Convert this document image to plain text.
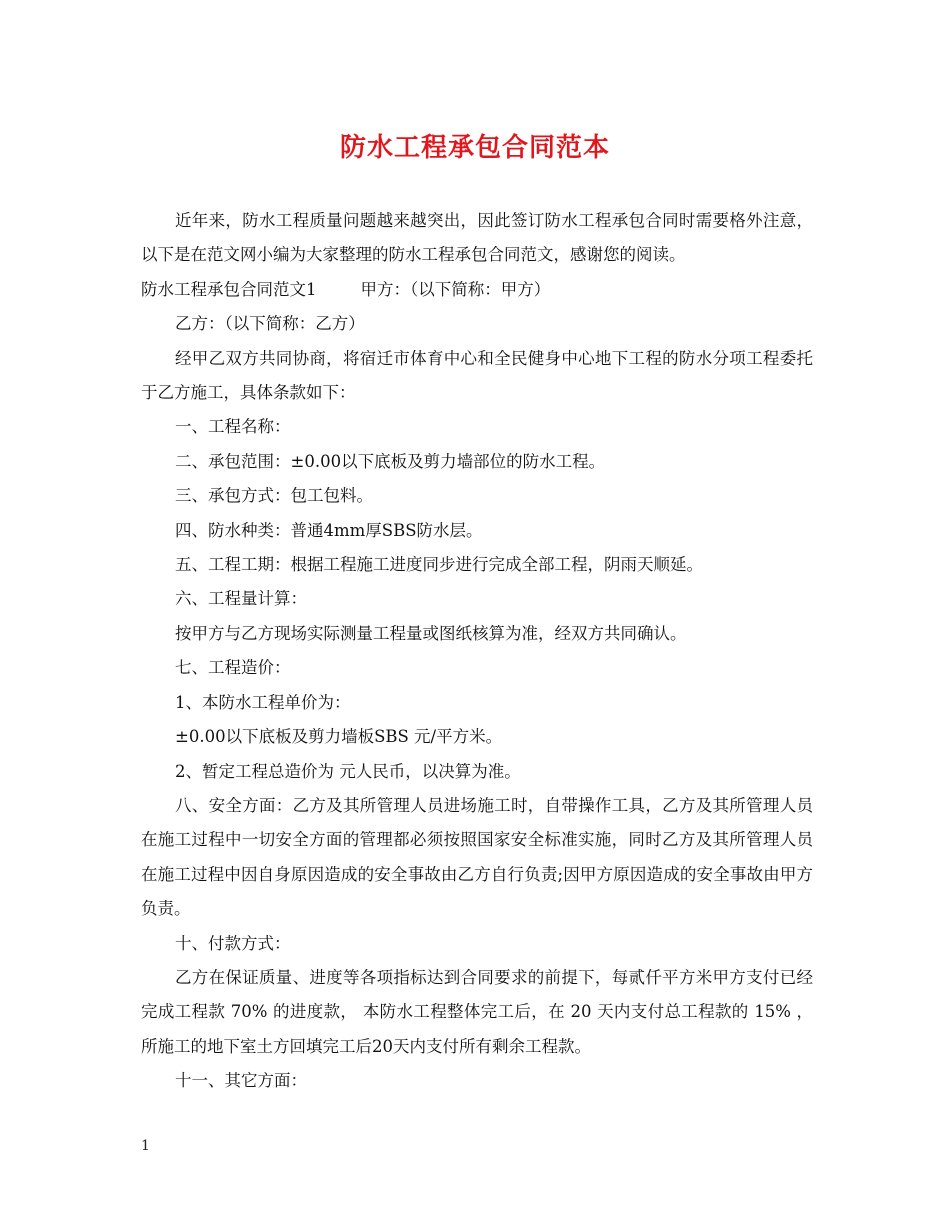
防水工程承包合同范本

近年来，防水工程质量问题越来越突出，因此签订防水工程承包合同时需要格外注意，以下是在范文网小编为大家整理的防水工程承包合同范文，感谢您的阅读。

防水工程承包合同范文1	甲方：（以下简称：甲方）

乙方：（以下简称：乙方）

经甲乙双方共同协商，将宿迁市体育中心和全民健身中心地下工程的防水分项工程委托于乙方施工，具体条款如下：

一、工程名称：

二、承包范围：±0.00以下底板及剪力墙部位的防水工程。

三、承包方式：包工包料。

四、防水种类：普通4mm厚SBS防水层。

五、工程工期：根据工程施工进度同步进行完成全部工程，阴雨天顺延。

六、工程量计算：

按甲方与乙方现场实际测量工程量或图纸核算为准，经双方共同确认。

七、工程造价：

1、本防水工程单价为：

±0.00以下底板及剪力墙板SBS 元/平方米。

2、暂定工程总造价为 元人民币，以决算为准。

八、安全方面：乙方及其所管理人员进场施工时，自带操作工具，乙方及其所管理人员在施工过程中一切安全方面的管理都必须按照国家安全标准实施，同时乙方及其所管理人员在施工过程中因自身原因造成的安全事故由乙方自行负责;因甲方原因造成的安全事故由甲方负责。

十、付款方式：

乙方在保证质量、进度等各项指标达到合同要求的前提下，每贰仟平方米甲方支付已经完成工程款 70% 的进度款， 本防水工程整体完工后，在 20 天内支付总工程款的 15% ， 所施工的地下室土方回填完工后20天内支付所有剩余工程款。

十一、其它方面：

1
